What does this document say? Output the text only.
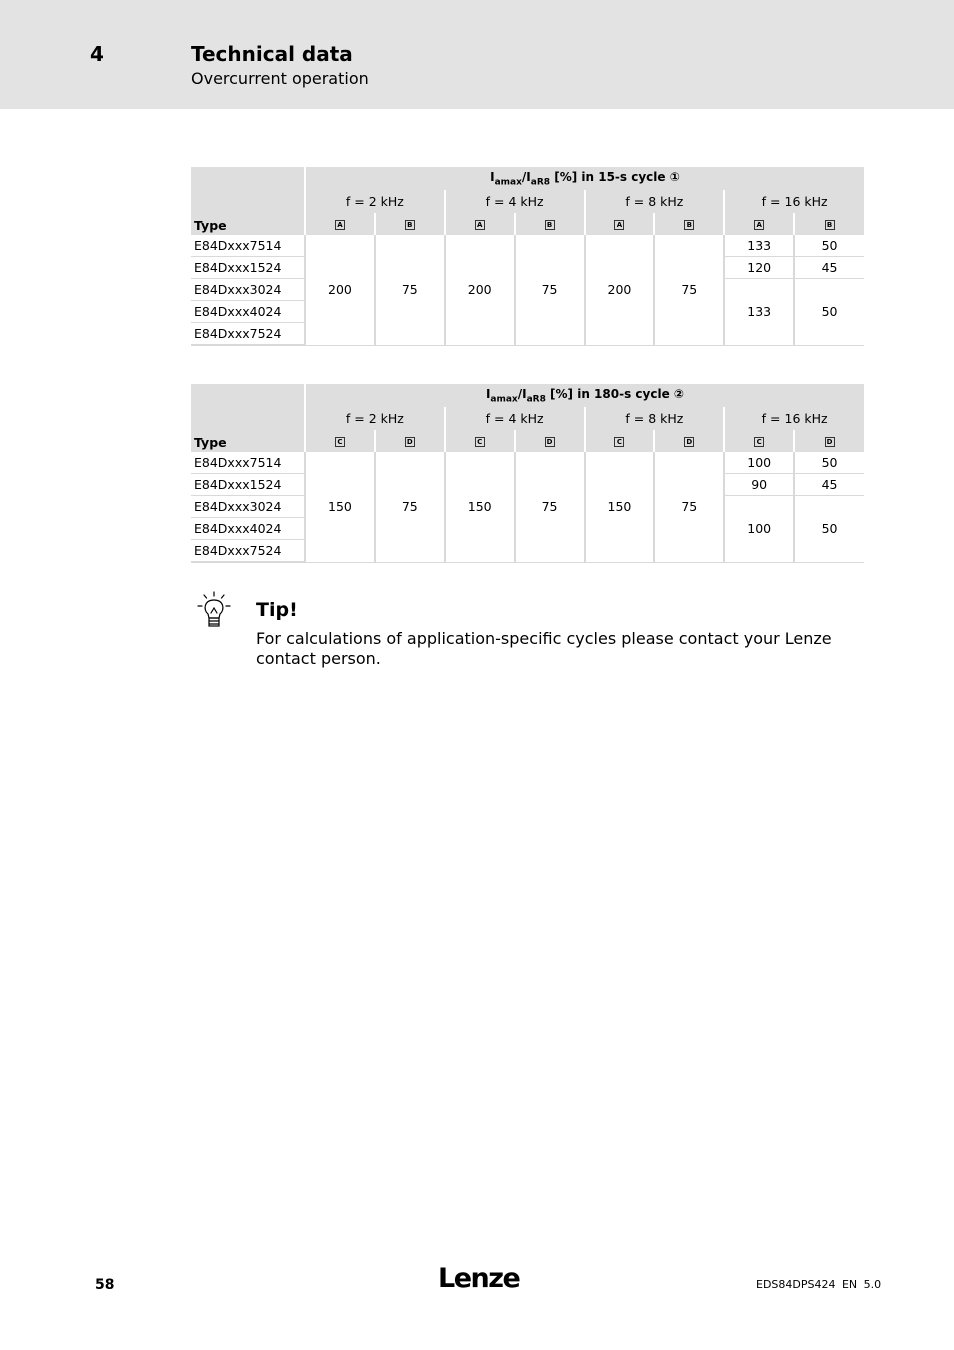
4	Technical data
Overcurrent operation
Type	$I_{amax}/I_{aR8}$ [%] in 15-s cycle ①							
	f = 2 kHz		f = 4 kHz		f = 8 kHz		f = 16 kHz	
	A	B	A	B	A	B	A	B
E84Dxxx7514	200	75	200	75	200	75	133	50
E84Dxxx1524							120	45
E84Dxxx3024							133	50
E84Dxxx4024								
E84Dxxx7524								
Type	$I_{amax}/I_{aR8}$ [%] in 180-s cycle ②							
	f = 2 kHz		f = 4 kHz		f = 8 kHz		f = 16 kHz	
	C	D	C	D	C	D	C	D
E84Dxxx7514	150	75	150	75	150	75	100	50
E84Dxxx1524							90	45
E84Dxxx3024							100	50
E84Dxxx4024								
E84Dxxx7524								
Tip!
For calculations of application-specific cycles please contact your Lenze contact person.
58	Lenze	EDS84DPS424 EN 5.0
